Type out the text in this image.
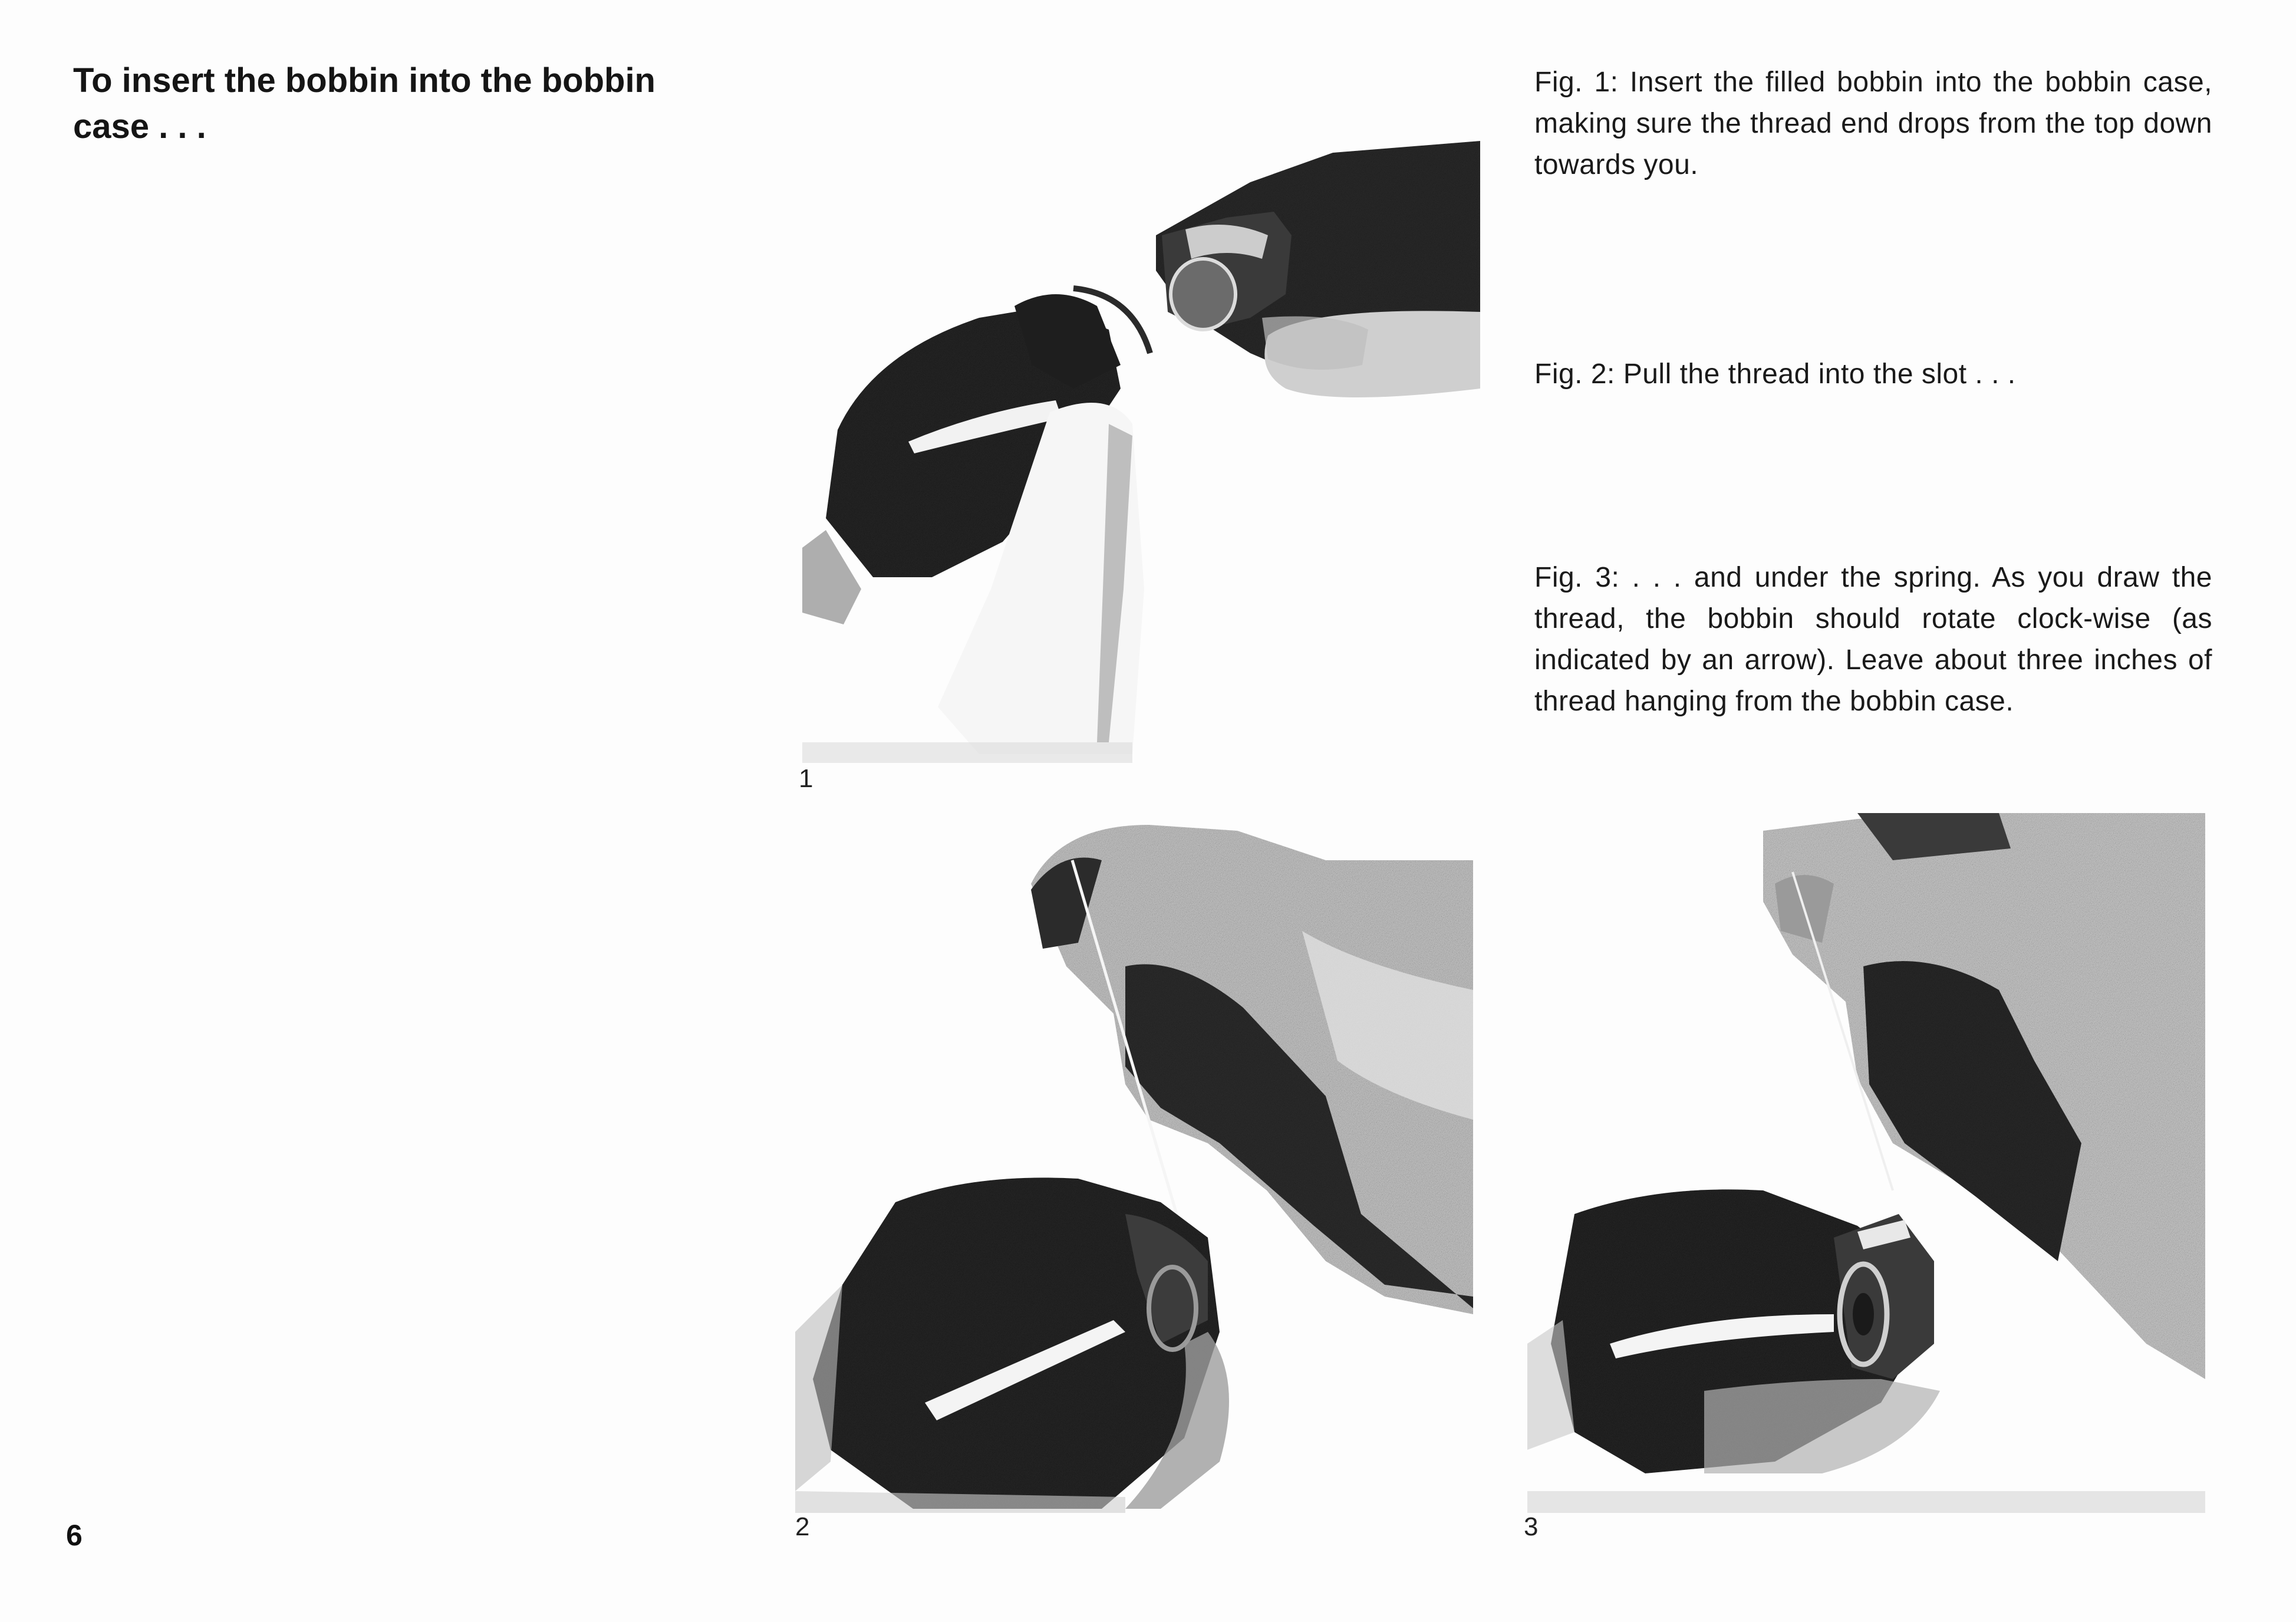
To insert the bobbin into the bobbin case . . .
1
2	3

Fig. 1: Insert the filled bobbin into the bobbin case, making sure the thread end drops from the top down towards you.

Fig. 2: Pull the thread into the slot . . .

Fig. 3: . . . and under the spring. As you draw the thread, the bobbin should rotate clock-wise (as indicated by an arrow). Leave about three inches of thread hanging from the bobbin case.

6
